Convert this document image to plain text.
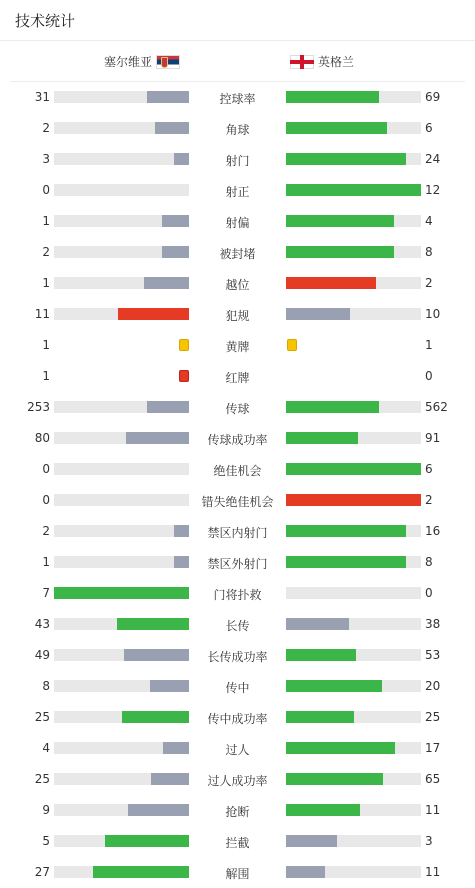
技术统计
塞尔维亚	英格兰
31	控球率	69
2	角球	6
3	射门	24
0	射正	12
1	射偏	4
2	被封堵	8
1	越位	2
11	犯规	10
1	黄牌	1
1	红牌	0
253	传球	562
80	传球成功率	91
0	绝佳机会	6
0	错失绝佳机会	2
2	禁区内射门	16
1	禁区外射门	8
7	门将扑救	0
43	长传	38
49	长传成功率	53
8	传中	20
25	传中成功率	25
4	过人	17
25	过人成功率	65
9	抢断	11
5	拦截	3
27	解围	11
